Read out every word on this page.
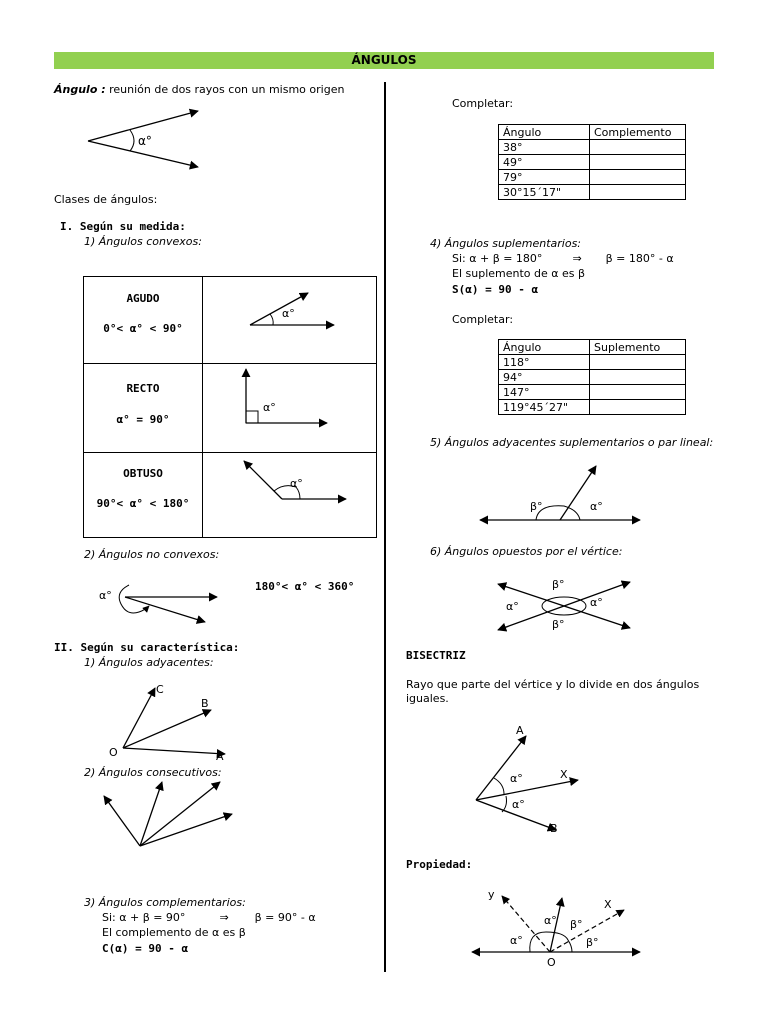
ÁNGULOS
Ángulo : reunión de dos rayos con un mismo origen
α°
Clases de ángulos:
I. Según su medida:
1) Ángulos convexos:
AGUDO
0°< α° < 90°
RECTO
α° = 90°
OBTUSO
90°< α° < 180°
α°
α°
α°
2) Ángulos no convexos:
α°
180°< α° < 360°
II. Según su característica:
1) Ángulos adyacentes:
C
B
O	A
2) Ángulos consecutivos:
3) Ángulos complementarios:
Si: α + β = 90°	⇒ β = 90° - α
El complemento de α es β
C(α) = 90 - α
Completar:
Ángulo	Complemento
38°	
49°	
79°	
30°15´17"	
4) Ángulos suplementarios:
Si: α + β = 180°	⇒ β = 180° - α
El suplemento de α es β
S(α) = 90 - α
Completar:
Ángulo	Suplemento
118°	
94°	
147°	
119°45´27"	
5) Ángulos adyacentes suplementarios o par lineal:
β°	α°
6) Ángulos opuestos por el vértice:
β°
α°	α°
β°
BISECTRIZ
Rayo que parte del vértice y lo divide en dos ángulos
iguales.
A
α°	X
α°
B
Propiedad:
y
X
α° β°
α°	β°
O
